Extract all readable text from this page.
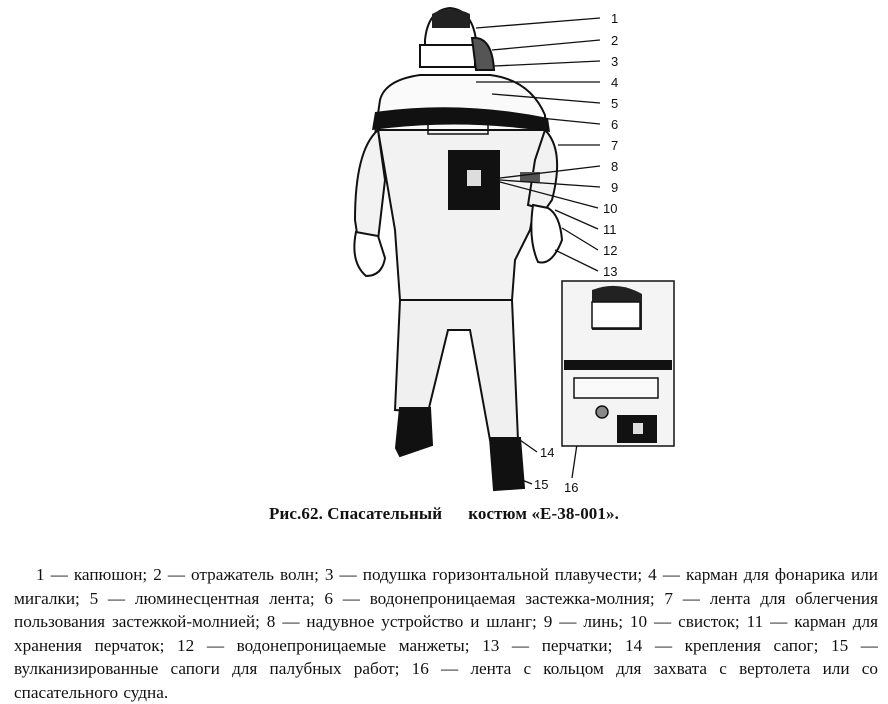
1
2
3
4
5
6
7
8
9
10
11
12
13
14
15 16
Рис.62. Спасательный костюм «Е-38-001».

1 — капюшон; 2 — отражатель волн; 3 — подушка горизонтальной плавучести; 4 — карман для фонарика или мигалки; 5 — люминесцентная лента; 6 — водонепроницаемая застежка-молния; 7 — лента для облегчения пользования застежкой-молнией; 8 — надувное устройство и шланг; 9 — линь; 10 — свисток; 11 — карман для хранения перчаток; 12 — водонепроницаемые манжеты; 13 — перчатки; 14 — крепления сапог; 15 — вулканизированные сапоги для палубных работ; 16 — лента с кольцом для захвата с вертолета или со спасательного судна.
